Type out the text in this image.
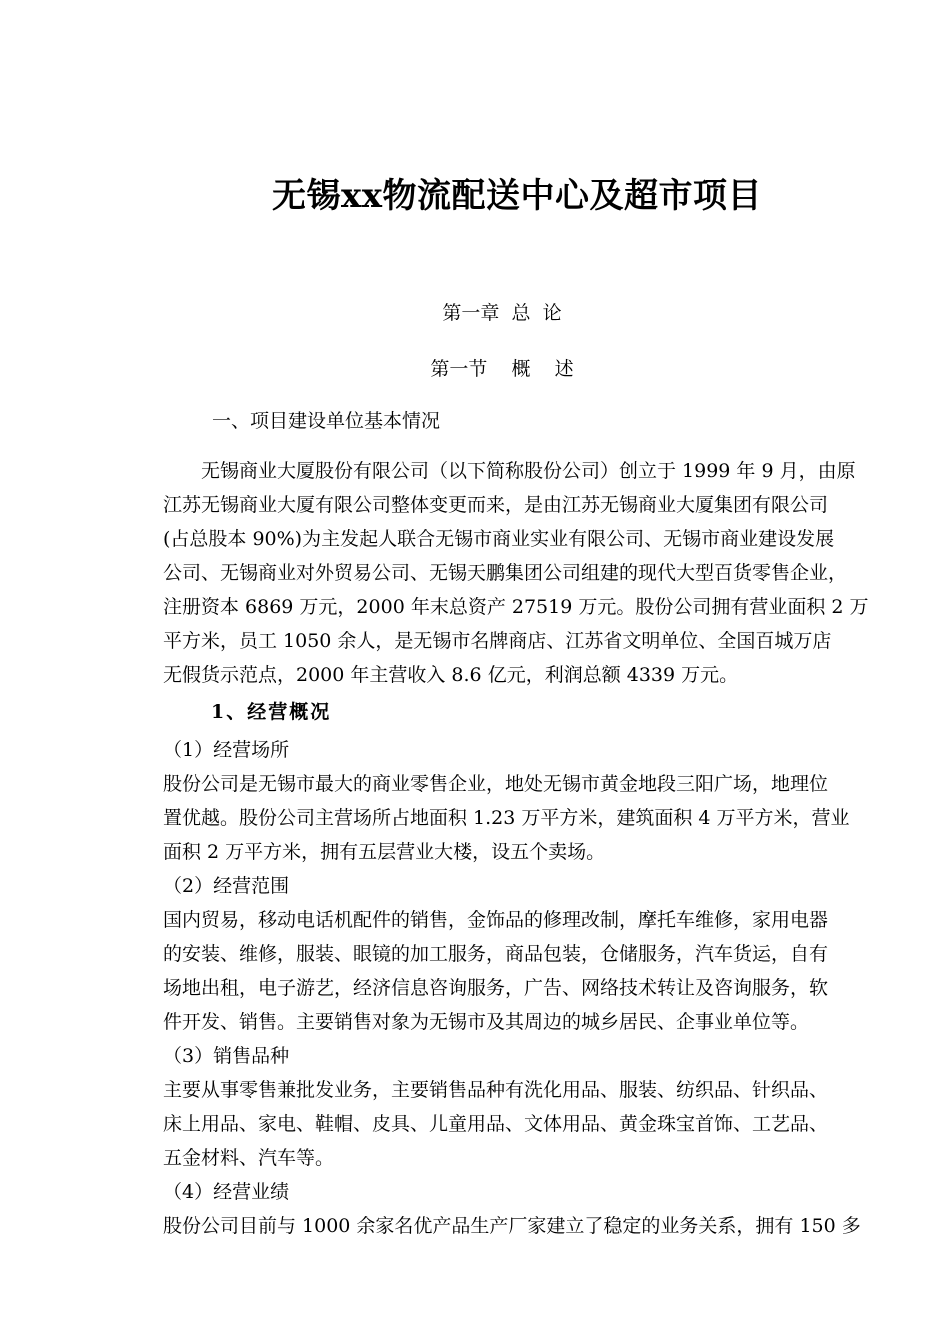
无锡xx物流配送中心及超市项目
第一章  总  论
第一节    概    述
一、项目建设单位基本情况
无锡商业大厦股份有限公司（以下简称股份公司）创立于 1999 年 9 月，由原
江苏无锡商业大厦有限公司整体变更而来，是由江苏无锡商业大厦集团有限公司
(占总股本 90%)为主发起人联合无锡市商业实业有限公司、无锡市商业建设发展
公司、无锡商业对外贸易公司、无锡天鹏集团公司组建的现代大型百货零售企业，
注册资本 6869 万元，2000 年末总资产 27519 万元。股份公司拥有营业面积 2 万
平方米，员工 1050 余人，是无锡市名牌商店、江苏省文明单位、全国百城万店
无假货示范点，2000 年主营收入 8.6 亿元，利润总额 4339 万元。
1、经营概况
（1）经营场所
股份公司是无锡市最大的商业零售企业，地处无锡市黄金地段三阳广场，地理位
置优越。股份公司主营场所占地面积 1.23 万平方米，建筑面积 4 万平方米，营业
面积 2 万平方米，拥有五层营业大楼，设五个卖场。
（2）经营范围
国内贸易，移动电话机配件的销售，金饰品的修理改制，摩托车维修，家用电器
的安装、维修，服装、眼镜的加工服务，商品包装，仓储服务，汽车货运，自有
场地出租，电子游艺，经济信息咨询服务，广告、网络技术转让及咨询服务，软
件开发、销售。主要销售对象为无锡市及其周边的城乡居民、企事业单位等。
（3）销售品种
主要从事零售兼批发业务，主要销售品种有洗化用品、服装、纺织品、针织品、
床上用品、家电、鞋帽、皮具、儿童用品、文体用品、黄金珠宝首饰、工艺品、
五金材料、汽车等。
（4）经营业绩
股份公司目前与 1000 余家名优产品生产厂家建立了稳定的业务关系，拥有 150 多
